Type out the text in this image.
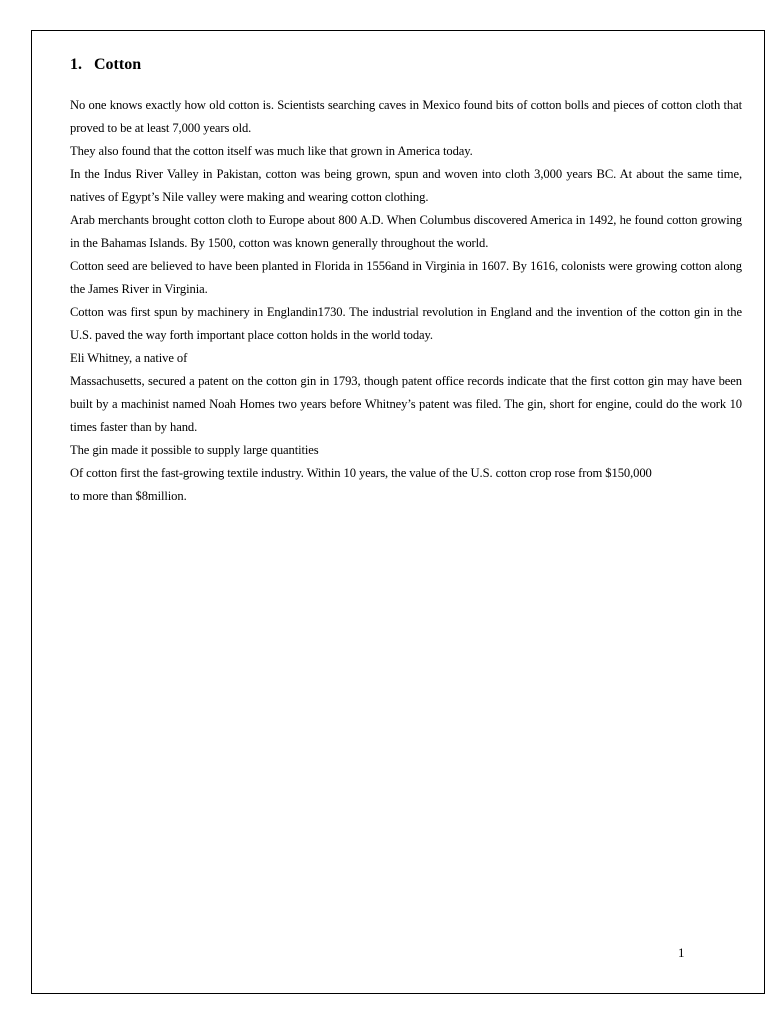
1. Cotton

No one knows exactly how old cotton is. Scientists searching caves in Mexico found bits of cotton bolls and pieces of cotton cloth that proved to be at least 7,000 years old.

They also found that the cotton itself was much like that grown in America today.

In the Indus River Valley in Pakistan, cotton was being grown, spun and woven into cloth 3,000 years BC. At about the same time, natives of Egypt’s Nile valley were making and wearing cotton clothing.

Arab merchants brought cotton cloth to Europe about 800 A.D. When Columbus discovered America in 1492, he found cotton growing in the Bahamas Islands. By 1500, cotton was known generally throughout the world.

Cotton seed are believed to have been planted in Florida in 1556and in Virginia in 1607. By 1616, colonists were growing cotton along the James River in Virginia.

Cotton was first spun by machinery in Englandin1730. The industrial revolution in England and the invention of the cotton gin in the U.S. paved the way forth important place cotton holds in the world today.

Eli Whitney, a native of

Massachusetts, secured a patent on the cotton gin in 1793, though patent office records indicate that the first cotton gin may have been built by a machinist named Noah Homes two years before Whitney’s patent was filed. The gin, short for engine, could do the work 10 times faster than by hand.

The gin made it possible to supply large quantities

Of cotton first the fast-growing textile industry. Within 10 years, the value of the U.S. cotton crop rose from $150,000

to more than $8million.

1
